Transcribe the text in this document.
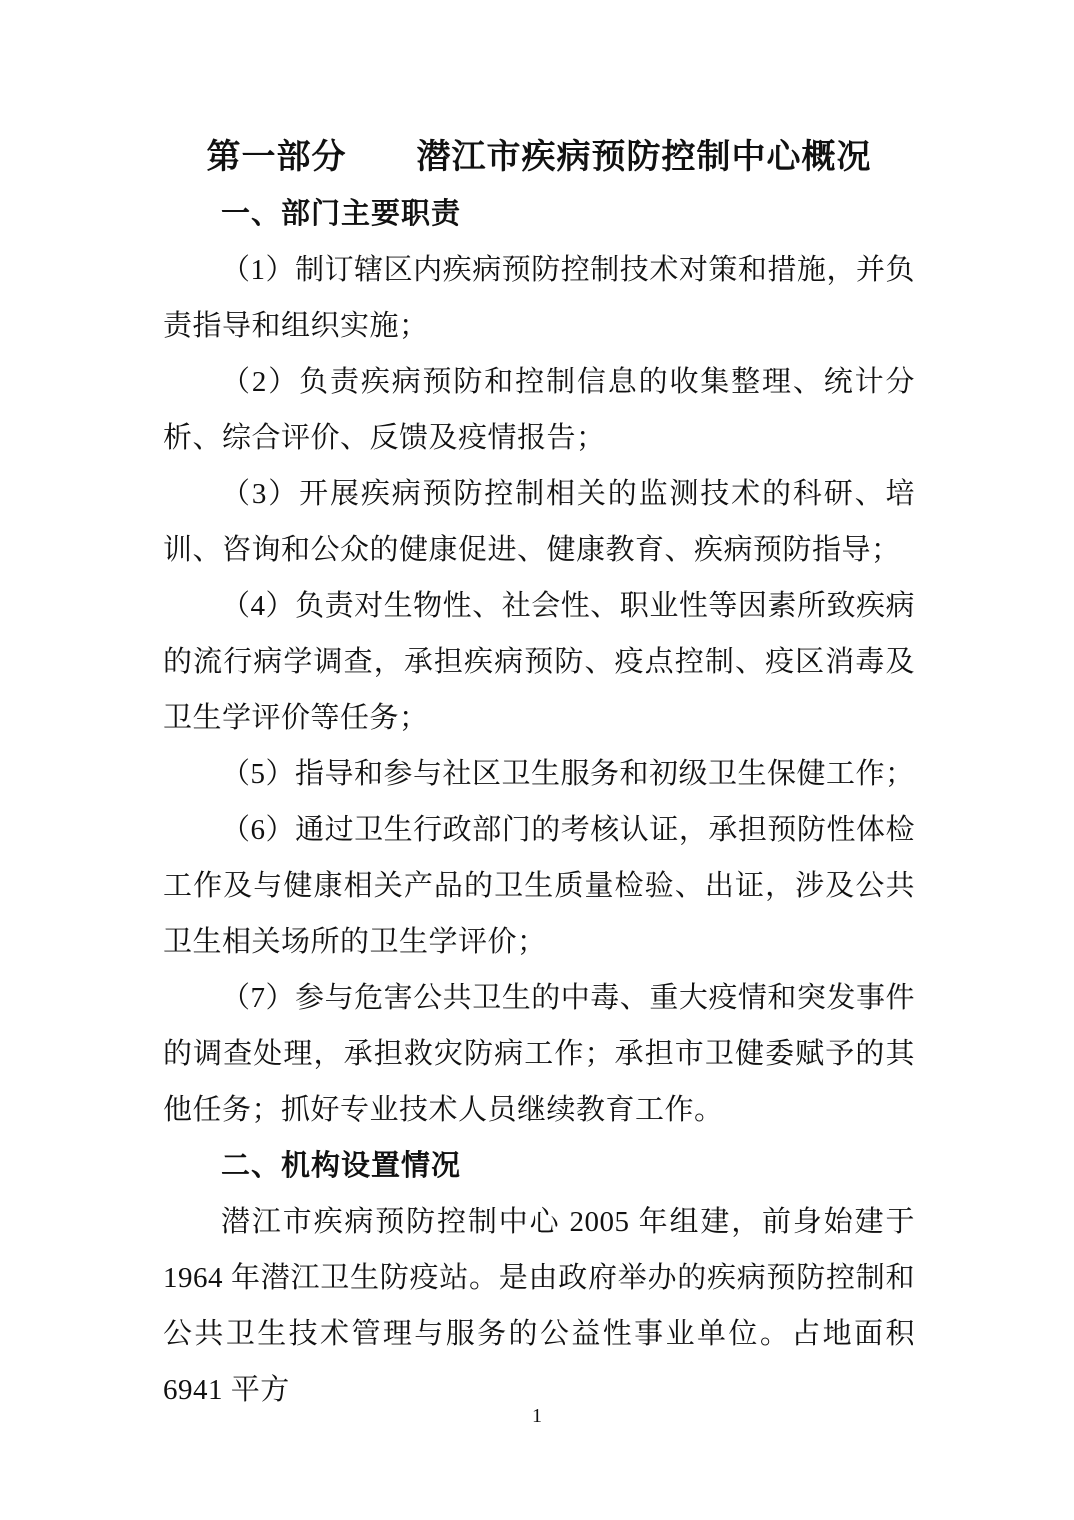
第一部分　　潜江市疾病预防控制中心概况
一、部门主要职责

（1）制订辖区内疾病预防控制技术对策和措施，并负责指导和组织实施；

（2）负责疾病预防和控制信息的收集整理、统计分析、综合评价、反馈及疫情报告；

（3）开展疾病预防控制相关的监测技术的科研、培训、咨询和公众的健康促进、健康教育、疾病预防指导；

（4）负责对生物性、社会性、职业性等因素所致疾病的流行病学调查，承担疾病预防、疫点控制、疫区消毒及卫生学评价等任务；

（5）指导和参与社区卫生服务和初级卫生保健工作；

（6）通过卫生行政部门的考核认证，承担预防性体检工作及与健康相关产品的卫生质量检验、出证，涉及公共卫生相关场所的卫生学评价；

（7）参与危害公共卫生的中毒、重大疫情和突发事件的调查处理，承担救灾防病工作；承担市卫健委赋予的其他任务；抓好专业技术人员继续教育工作。

二、机构设置情况

潜江市疾病预防控制中心 2005 年组建，前身始建于 1964 年潜江卫生防疫站。是由政府举办的疾病预防控制和公共卫生技术管理与服务的公益性事业单位。占地面积 6941 平方

1
